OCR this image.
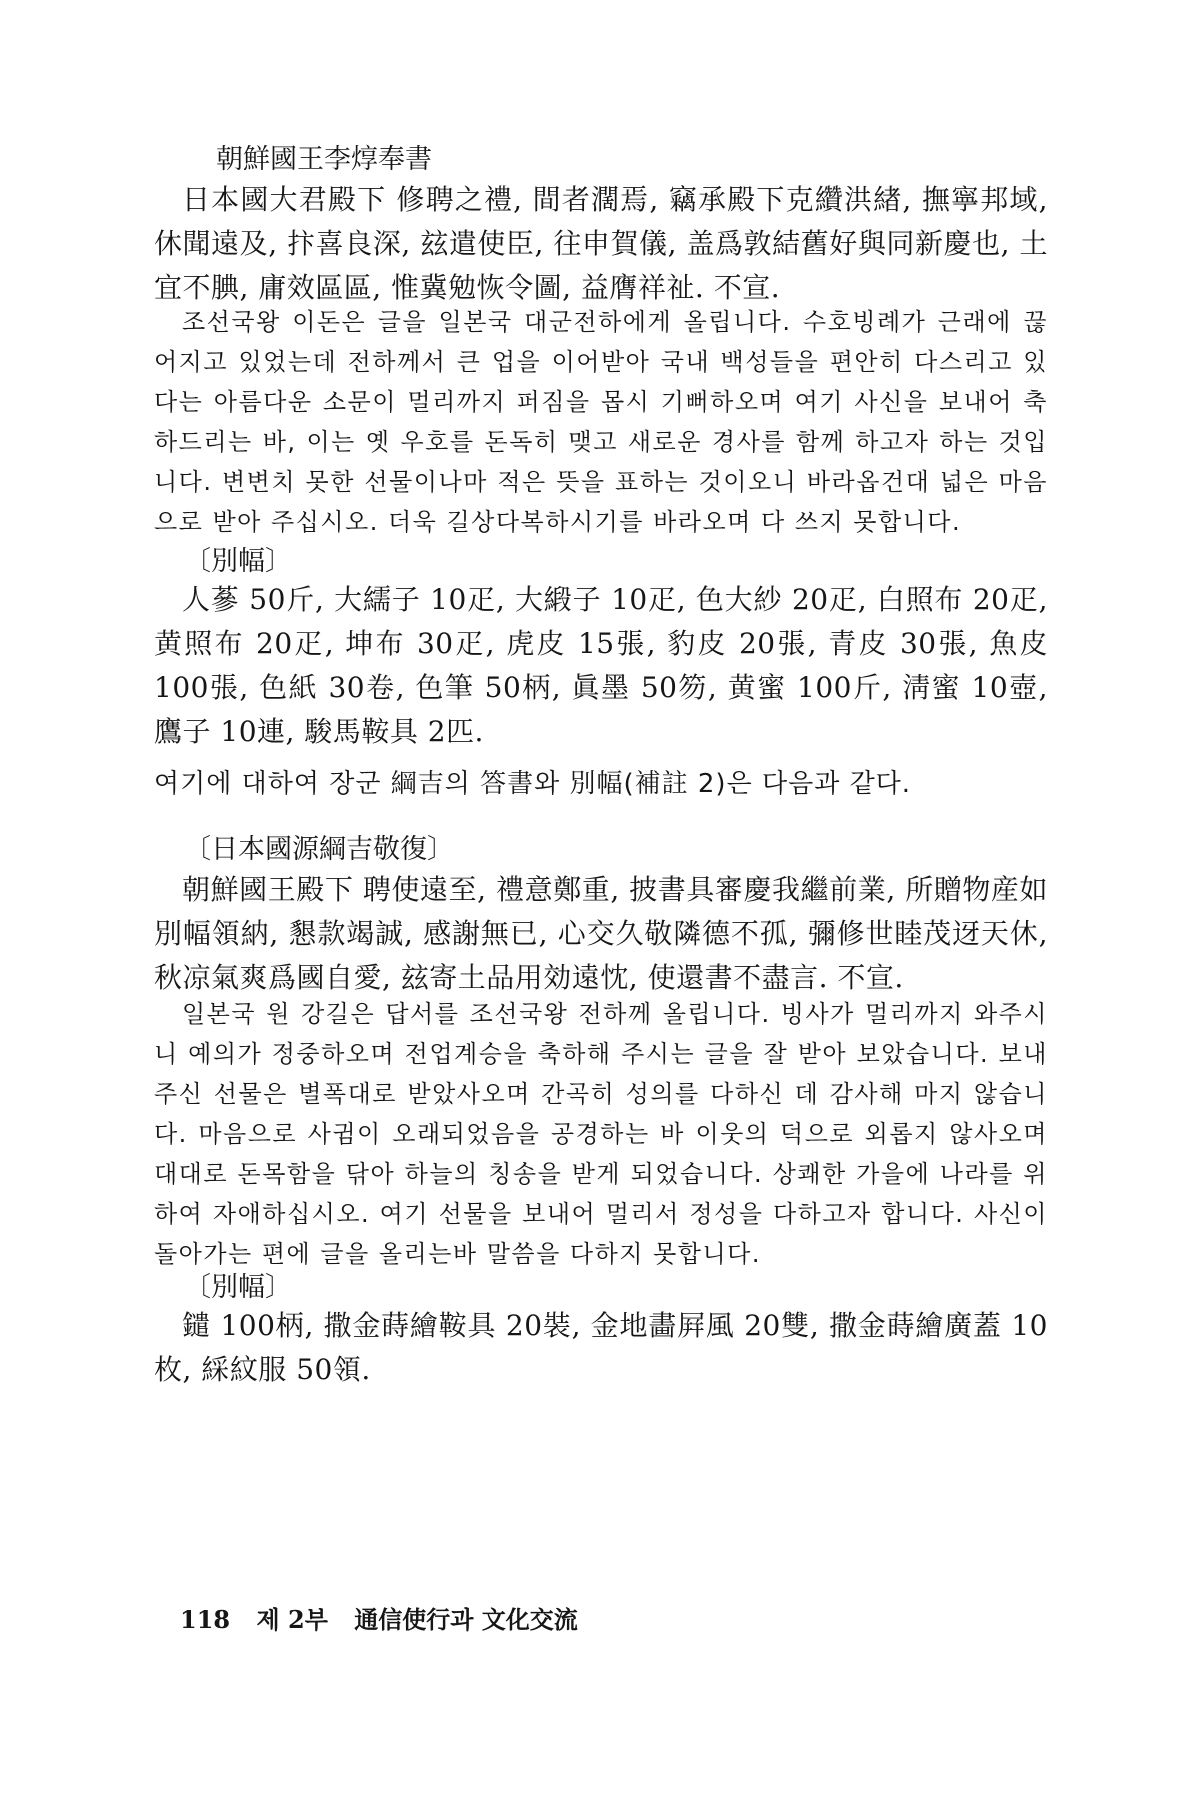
朝鮮國王李焞奉書

日本國大君殿下 修聘之禮, 間者濶焉, 竊承殿下克纘洪緖, 撫寧邦域, 休聞遠及, 抃喜良深, 玆遣使臣, 往申賀儀, 盖爲敦結舊好與同新慶也, 土宜不腆, 庸效區區, 惟冀勉恢令圖, 益膺祥祉. 不宣.

조선국왕 이돈은 글을 일본국 대군전하에게 올립니다. 수호빙례가 근래에 끊어지고 있었는데 전하께서 큰 업을 이어받아 국내 백성들을 편안히 다스리고 있다는 아름다운 소문이 멀리까지 퍼짐을 몹시 기뻐하오며 여기 사신을 보내어 축하드리는 바, 이는 옛 우호를 돈독히 맺고 새로운 경사를 함께 하고자 하는 것입니다. 변변치 못한 선물이나마 적은 뜻을 표하는 것이오니 바라옵건대 넓은 마음으로 받아 주십시오. 더욱 길상다복하시기를 바라오며 다 쓰지 못합니다.

〔別幅〕

人蔘 50斤, 大繻子 10疋, 大緞子 10疋, 色大紗 20疋, 白照布 20疋, 黄照布 20疋, 坤布 30疋, 虎皮 15張, 豹皮 20張, 青皮 30張, 魚皮 100張, 色紙 30卷, 色筆 50柄, 眞墨 50笏, 黄蜜 100斤, 淸蜜 10壺, 鷹子 10連, 駿馬鞍具 2匹.

여기에 대하여 장군 綱吉의 答書와 別幅(補註 2)은 다음과 같다.

〔日本國源綱吉敬復〕

朝鮮國王殿下 聘使遠至, 禮意鄭重, 披書具審慶我繼前業, 所贈物産如別幅領納, 懇款竭誠, 感謝無已, 心交久敬隣德不孤, 彌修世睦茂迓天休, 秋凉氣爽爲國自愛, 玆寄土品用効遠忱, 使還書不盡言. 不宣.

일본국 원 강길은 답서를 조선국왕 전하께 올립니다. 빙사가 멀리까지 와주시니 예의가 정중하오며 전업계승을 축하해 주시는 글을 잘 받아 보았습니다. 보내주신 선물은 별폭대로 받았사오며 간곡히 성의를 다하신 데 감사해 마지 않습니다. 마음으로 사귐이 오래되었음을 공경하는 바 이웃의 덕으로 외롭지 않사오며 대대로 돈목함을 닦아 하늘의 칭송을 받게 되었습니다. 상쾌한 가을에 나라를 위하여 자애하십시오. 여기 선물을 보내어 멀리서 정성을 다하고자 합니다. 사신이 돌아가는 편에 글을 올리는바 말씀을 다하지 못합니다.

〔別幅〕

鑓 100柄, 撒金蒔繪鞍具 20裝, 金地畵屛風 20雙, 撒金蒔繪廣蓋 10枚, 綵紋服 50領.

118 제 2부 通信使行과 文化交流
